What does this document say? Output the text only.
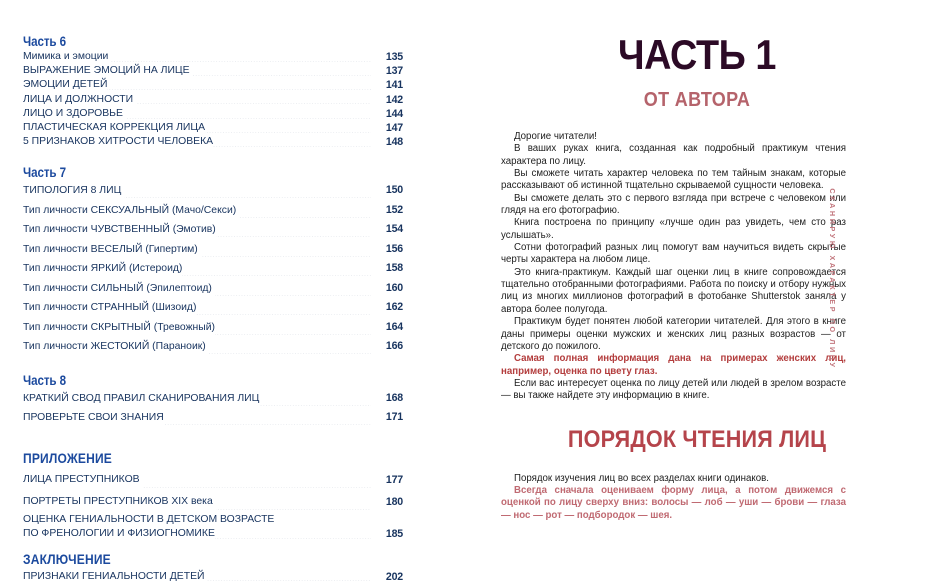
Часть 6
Мимика и эмоции	135
ВЫРАЖЕНИЕ ЭМОЦИЙ НА ЛИЦЕ	137
ЭМОЦИИ ДЕТЕЙ	141
ЛИЦА И ДОЛЖНОСТИ	142
ЛИЦО И ЗДОРОВЬЕ	144
ПЛАСТИЧЕСКАЯ КОРРЕКЦИЯ ЛИЦА	147
5 ПРИЗНАКОВ ХИТРОСТИ ЧЕЛОВЕКА	148
Часть 7
ТИПОЛОГИЯ 8 ЛИЦ	150
Тип личности СЕКСУАЛЬНЫЙ (Мачо/Секси)	152
Тип личности ЧУВСТВЕННЫЙ (Эмотив)	154
Тип личности ВЕСЕЛЫЙ (Гипертим)	156
Тип личности ЯРКИЙ (Истероид)	158
Тип личности СИЛЬНЫЙ (Эпилептоид)	160
Тип личности СТРАННЫЙ (Шизоид)	162
Тип личности СКРЫТНЫЙ (Тревожный)	164
Тип личности ЖЕСТОКИЙ (Параноик)	166
Часть 8
КРАТКИЙ СВОД ПРАВИЛ СКАНИРОВАНИЯ ЛИЦ	168
ПРОВЕРЬТЕ СВОИ ЗНАНИЯ	171
ПРИЛОЖЕНИЕ
ЛИЦА ПРЕСТУПНИКОВ	177
ПОРТРЕТЫ ПРЕСТУПНИКОВ XIX века	180
ОЦЕНКА ГЕНИАЛЬНОСТИ В ДЕТСКОМ ВОЗРАСТЕ
ПО ФРЕНОЛОГИИ И ФИЗИОГНОМИКЕ	185
ЗАКЛЮЧЕНИЕ
ПРИЗНАКИ ГЕНИАЛЬНОСТИ ДЕТЕЙ	202
ЧАСТЬ 1
ОТ АВТОРА

Дорогие читатели!

В ваших руках книга, созданная как подробный практикум чтения характера по лицу.

Вы сможете читать характер человека по тем тайным знакам, которые рассказывают об истинной тщательно скрываемой сущности человека.

Вы сможете делать это с первого взгляда при встрече с человеком или глядя на его фотографию.

Книга построена по принципу «лучше один раз увидеть, чем сто раз услышать».

Сотни фотографий разных лиц помогут вам научиться видеть скрытые черты характера на любом лице.

Это книга-практикум. Каждый шаг оценки лиц в книге сопровождается тщательно отобранными фотографиями. Работа по поиску и отбору нужных лиц из многих миллионов фотографий в фотобанке Shutterstok заняла у автора более полугода.

Практикум будет понятен любой категории читателей. Для этого в книге даны примеры оценки мужских и женских лиц разных возрастов — от детского до пожилого.

Самая полная информация дана на примерах женских лиц, например, оценка по цвету глаз.

Если вас интересует оценка по лицу детей или людей в зрелом возрасте — вы также найдете эту информацию в книге.

ПОРЯДОК ЧТЕНИЯ ЛИЦ

Порядок изучения лиц во всех разделах книги одинаков.

Всегда сначала оцениваем форму лица, а потом движемся с оценкой по лицу сверху вниз: волосы — лоб — уши — брови — глаза — нос — рот — подбородок — шея.

СКАНИРУЮ ХАРАКТЕР ПО ЛИЦУ
